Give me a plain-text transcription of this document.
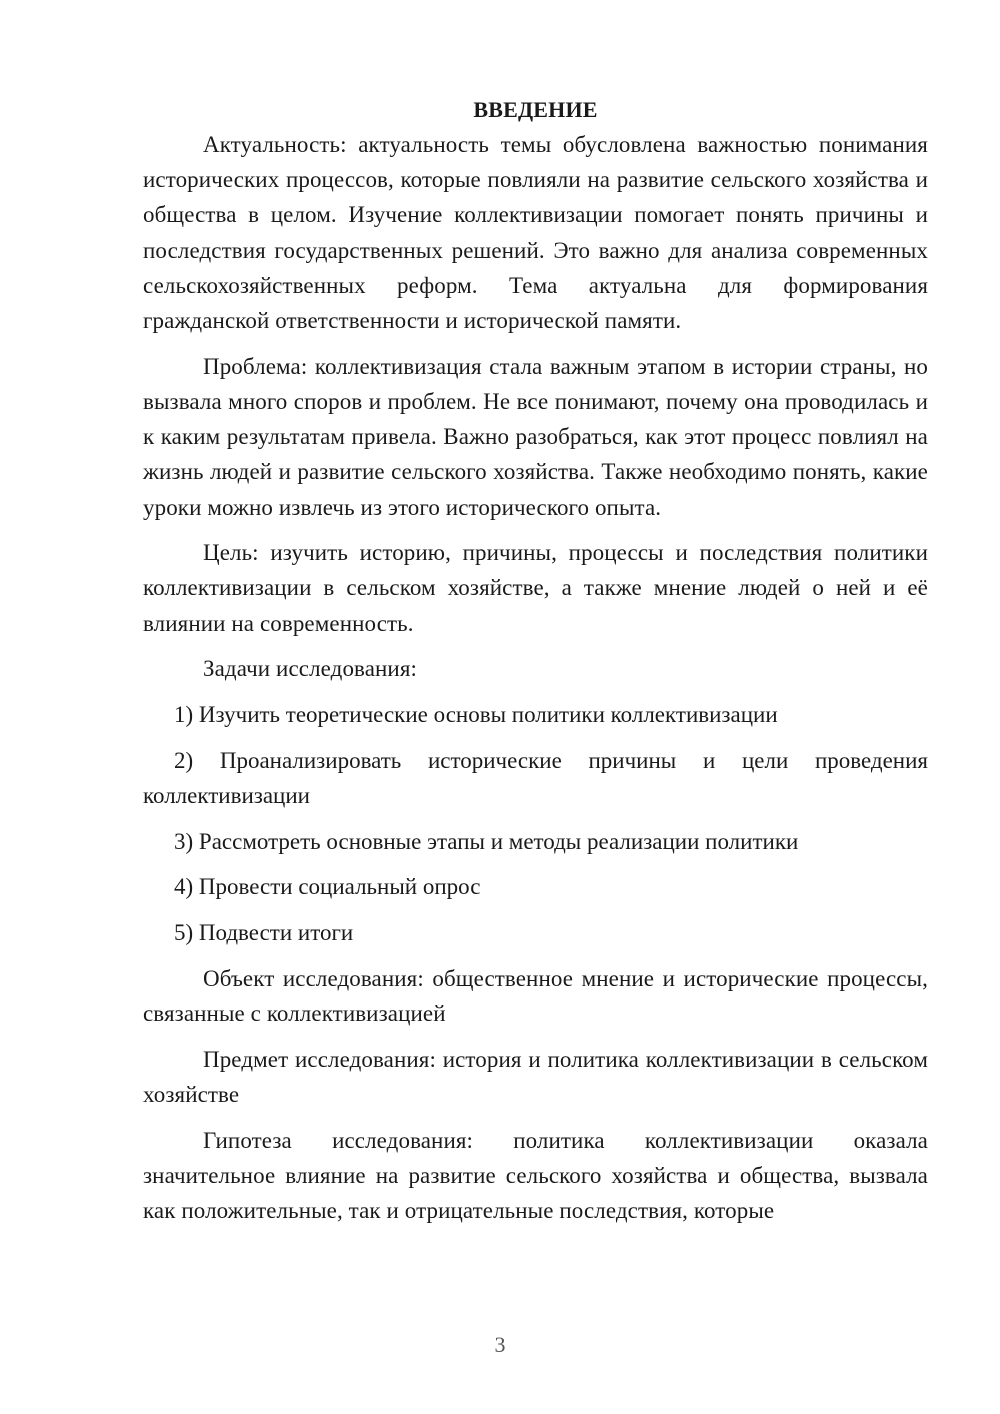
ВВЕДЕНИЕ

Актуальность: актуальность темы обусловлена важностью понимания исторических процессов, которые повлияли на развитие сельского хозяйства и общества в целом. Изучение коллективизации помогает понять причины и последствия государственных решений. Это важно для анализа современных сельскохозяйственных реформ. Тема актуальна для формирования гражданской ответственности и исторической памяти.

Проблема: коллективизация стала важным этапом в истории страны, но вызвала много споров и проблем. Не все понимают, почему она проводилась и к каким результатам привела. Важно разобраться, как этот процесс повлиял на жизнь людей и развитие сельского хозяйства. Также необходимо понять, какие уроки можно извлечь из этого исторического опыта.

Цель: изучить историю, причины, процессы и последствия политики коллективизации в сельском хозяйстве, а также мнение людей о ней и её влиянии на современность.

Задачи исследования:

1) Изучить теоретические основы политики коллективизации

2) Проанализировать исторические причины и цели проведения коллективизации

3) Рассмотреть основные этапы и методы реализации политики

4) Провести социальный опрос

5) Подвести итоги

Объект исследования: общественное мнение и исторические процессы, связанные с коллективизацией

Предмет исследования: история и политика коллективизации в сельском хозяйстве

Гипотеза исследования: политика коллективизации оказала значительное влияние на развитие сельского хозяйства и общества, вызвала как положительные, так и отрицательные последствия, которые

3
